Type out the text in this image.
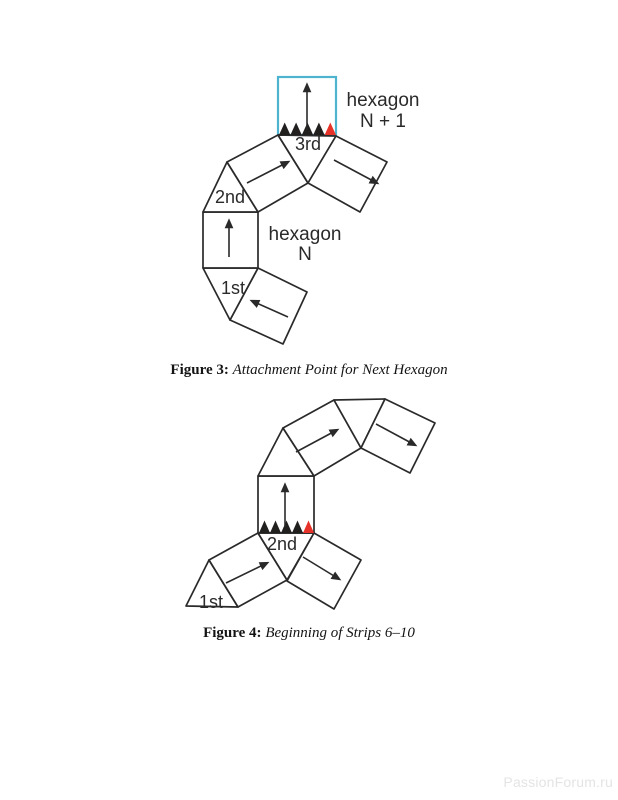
3rd
2nd
1st
hexagon
N
hexagon
N + 1
1st
2nd
Figure 3: Attachment Point for Next Hexagon
Figure 4: Beginning of Strips 6–10
PassionForum.ru
